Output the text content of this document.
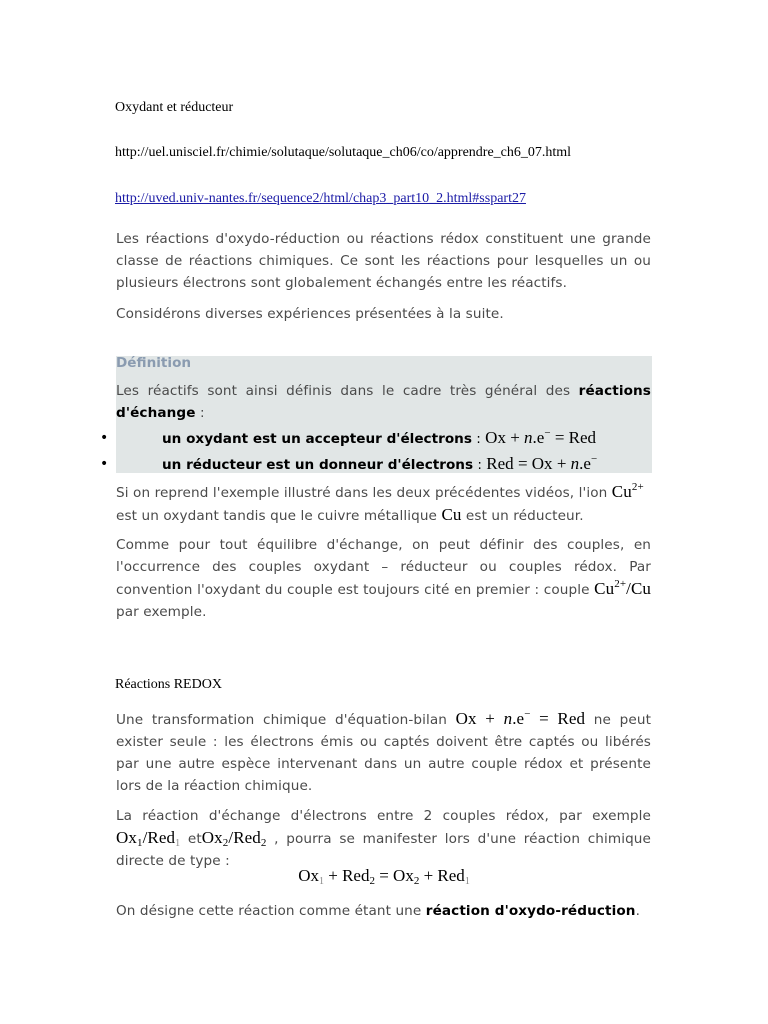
Oxydant et réducteur
http://uel.unisciel.fr/chimie/solutaque/solutaque_ch06/co/apprendre_ch6_07.html
http://uved.univ-nantes.fr/sequence2/html/chap3_part10_2.html#sspart27
Les réactions d'oxydo-réduction ou réactions rédox constituent une grande classe de réactions chimiques. Ce sont les réactions pour lesquelles un ou plusieurs électrons sont globalement échangés entre les réactifs.
Considérons diverses expériences présentées à la suite.
Définition
Les réactifs sont ainsi définis dans le cadre très général des réactions d'échange :
•	un oxydant est un accepteur d'électrons : Ox + n.e− = Red
•	un réducteur est un donneur d'électrons : Red = Ox + n.e−
Si on reprend l'exemple illustré dans les deux précédentes vidéos, l'ion $Cu^{2+}$
est un oxydant tandis que le cuivre métallique Cu est un réducteur.
Comme pour tout équilibre d'échange, on peut définir des couples, en l'occurrence des couples oxydant – réducteur ou couples rédox. Par convention l'oxydant du couple est toujours cité en premier : couple $Cu^{2+}/Cu$ par exemple.
Réactions REDOX
Une transformation chimique d'équation-bilan Ox + n.e− = Red ne peut exister seule : les électrons émis ou captés doivent être captés ou libérés par une autre espèce intervenant dans un autre couple rédox et présente lors de la réaction chimique.
La réaction d'échange d'électrons entre 2 couples rédox, par exemple $Ox_1/Red_1$ etOx$_2$/Red$_2$ , pourra se manifester lors d'une réaction chimique directe de type :
$Ox_1 + Red_2 = Ox_2 + Red_1$
On désigne cette réaction comme étant une réaction d'oxydo-réduction.
